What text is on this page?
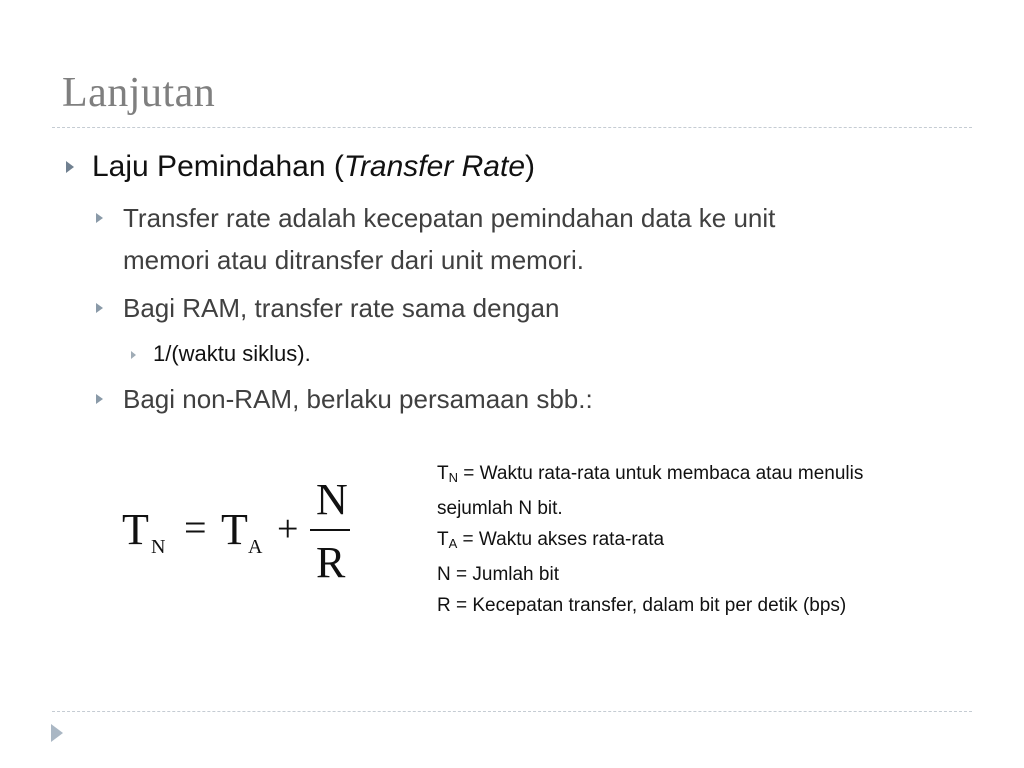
Lanjutan
Laju Pemindahan (Transfer Rate)
Transfer rate adalah kecepatan pemindahan data ke unit
memori atau ditransfer dari unit memori.
Bagi RAM, transfer rate sama dengan
1/(waktu siklus).
Bagi non-RAM, berlaku persamaan sbb.:
T N = T A +
N
R
$T_N$ = Waktu rata-rata untuk membaca atau menulis
sejumlah N bit.
$T_A$ = Waktu akses rata-rata
N = Jumlah bit
R = Kecepatan transfer, dalam bit per detik (bps)
